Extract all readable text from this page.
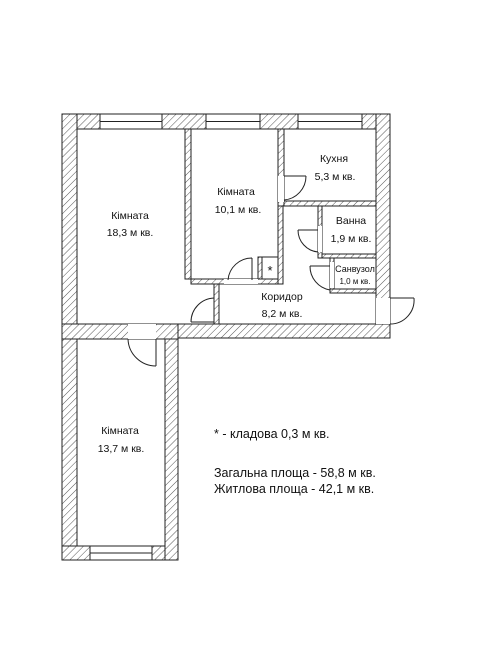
*
Кімната
18,3 м кв.
Кімната
10,1 м кв.
Кухня
5,3 м кв.
Ванна
1,9 м кв.
Санвузол
1,0 м кв.
Коридор
8,2 м кв.
Кімната
13,7 м кв.
* - кладова 0,3 м кв.
Загальна площа - 58,8 м кв.
Житлова площа - 42,1 м кв.
